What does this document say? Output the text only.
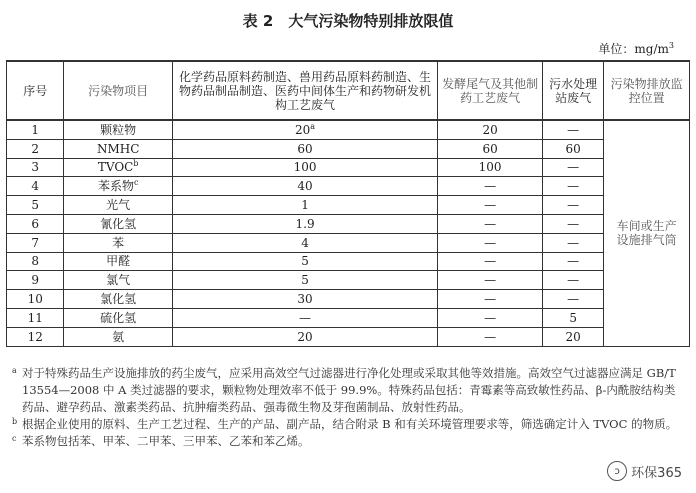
表 2　大气污染物特别排放限值
单位：$mg/m^3$
序号	污染物项目	化学药品原料药制造、兽用药品原料药制造、生物药品制品制造、医药中间体生产和药物研发机构工艺废气	发酵尾气及其他制药工艺废气	污水处理站废气	污染物排放监控位置
1	颗粒物	20$^a$	20	—	车间或生产设施排气筒
2	NMHC	60	60	60	
3	TVOC$^b$	100	100	—	
4	苯系物$^c$	40	—	—	
5	光气	1	—	—	
6	氰化氢	1.9	—	—	
7	苯	4	—	—	
8	甲醛	5	—	—	
9	氯气	5	—	—	
10	氯化氢	30	—	—	
11	硫化氢	—	—	5	
12	氨	20	—	20	
a 对于特殊药品生产设施排放的药尘废气，应采用高效空气过滤器进行净化处理或采取其他等效措施。高效空气过滤器应满足 GB/T 13554—2008 中 A 类过滤器的要求，颗粒物处理效率不低于 99.9%。特殊药品包括：青霉素等高致敏性药品、β-内酰胺结构类药品、避孕药品、激素类药品、抗肿瘤类药品、强毒微生物及芽孢菌制品、放射性药品。
b 根据企业使用的原料、生产工艺过程、生产的产品、副产品，结合附录 B 和有关环境管理要求等，筛选确定计入 TVOC 的物质。
c 苯系物包括苯、甲苯、二甲苯、三甲苯、乙苯和苯乙烯。
ↄ 环保365
